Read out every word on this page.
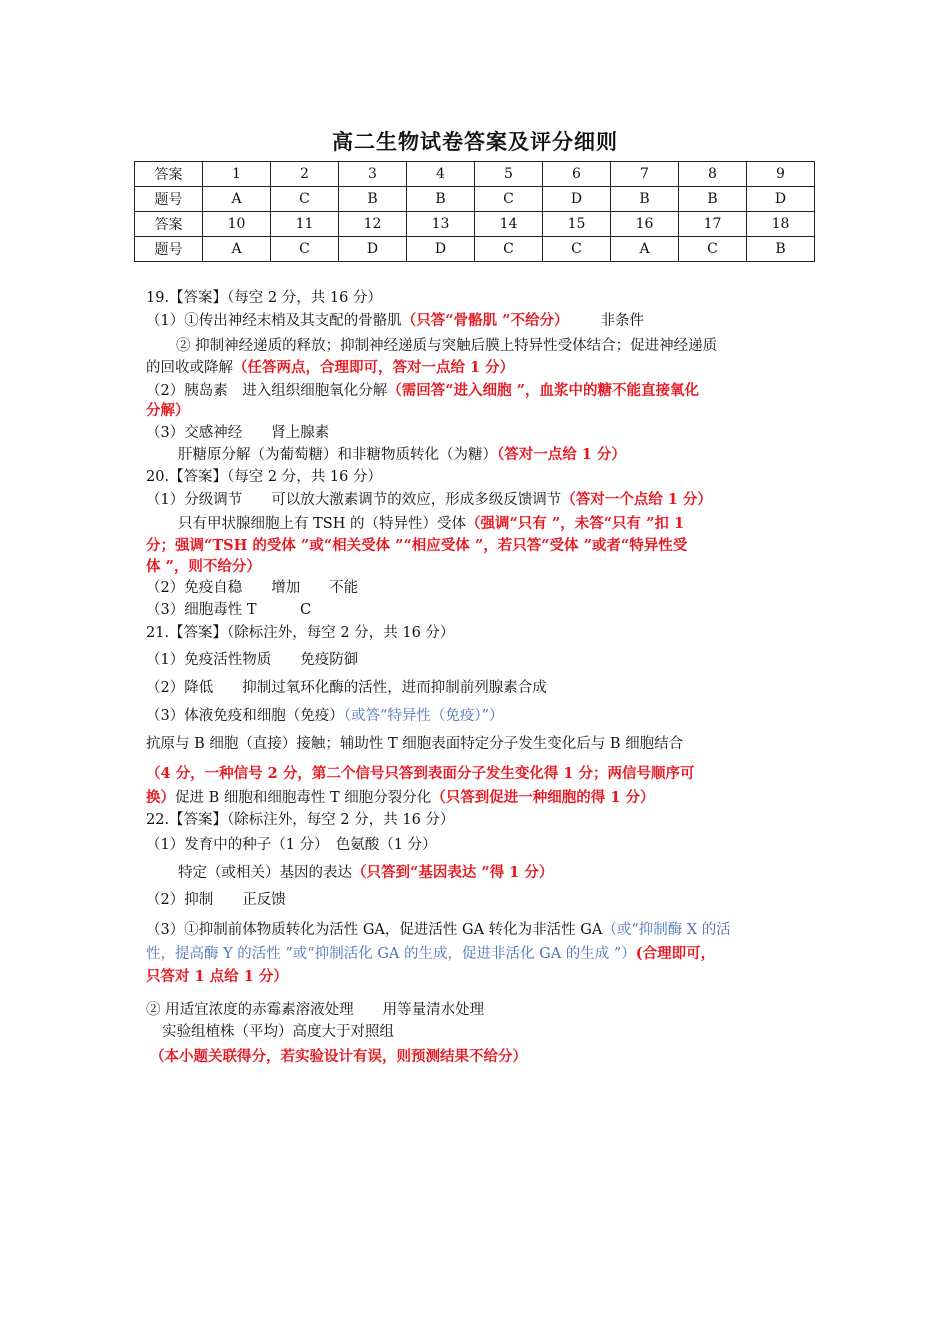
高二生物试卷答案及评分细则
答案	1	2	3	4	5	6	7	8	9
题号	A	C	B	B	C	D	B	B	D
答案	10	11	12	13	14	15	16	17	18
题号	A	C	D	D	C	C	A	C	B
19.【答案】（每空 2 分，共 16 分）
（1）①传出神经末梢及其支配的骨骼肌（只答“骨骼肌 ”不给分） 非条件
② 抑制神经递质的释放；抑制神经递质与突触后膜上特异性受体结合；促进神经递质
的回收或降解（任答两点，合理即可，答对一点给 1 分）
（2）胰岛素　进入组织细胞氧化分解（需回答“进入细胞 ”，血浆中的糖不能直接氧化
分解）
（3）交感神经　　肾上腺素
肝糖原分解（为葡萄糖）和非糖物质转化（为糖）（答对一点给 1 分）
20.【答案】（每空 2 分，共 16 分）
（1）分级调节　　可以放大激素调节的效应，形成多级反馈调节（答对一个点给 1 分）
只有甲状腺细胞上有 TSH 的（特异性）受体（强调“只有 ”，未答“只有 ”扣 1
分；强调“TSH 的受体 ”或“相关受体 ”“相应受体 ”，若只答“受体 ”或者“特异性受
体 ”，则不给分）
（2）免疫自稳　　增加　　不能
（3）细胞毒性 T　　　C
21.【答案】（除标注外，每空 2 分，共 16 分）
（1）免疫活性物质　　免疫防御
（2）降低　　抑制过氧环化酶的活性，进而抑制前列腺素合成
（3）体液免疫和细胞（免疫）（或答“特异性（免疫）”）
抗原与 B 细胞（直接）接触；辅助性 T 细胞表面特定分子发生变化后与 B 细胞结合
（4 分，一种信号 2 分，第二个信号只答到表面分子发生变化得 1 分；两信号顺序可
换）促进 B 细胞和细胞毒性 T 细胞分裂分化（只答到促进一种细胞的得 1 分）
22.【答案】（除标注外，每空 2 分，共 16 分）
（1）发育中的种子（1 分）　色氨酸（1 分）
特定（或相关）基因的表达（只答到“基因表达 ”得 1 分）
（2）抑制　　正反馈
（3）①抑制前体物质转化为活性 GA，促进活性 GA 转化为非活性 GA（或“抑制酶 X 的活
性，提高酶 Y 的活性 ”或“抑制活化 GA 的生成，促进非活化 GA 的生成 ”）(合理即可，
只答对 1 点给 1 分）
② 用适宜浓度的赤霉素溶液处理　　用等量清水处理
实验组植株（平均）高度大于对照组
（本小题关联得分，若实验设计有误，则预测结果不给分）
